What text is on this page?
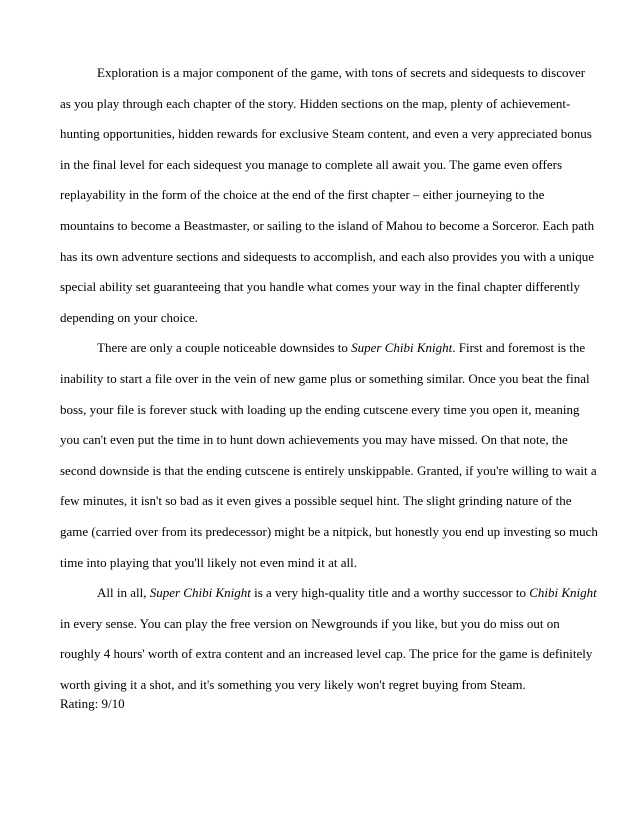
Exploration is a major component of the game, with tons of secrets and sidequests to discover
as you play through each chapter of the story. Hidden sections on the map, plenty of achievement-
hunting opportunities, hidden rewards for exclusive Steam content, and even a very appreciated bonus
in the final level for each sidequest you manage to complete all await you. The game even offers
replayability in the form of the choice at the end of the first chapter – either journeying to the
mountains to become a Beastmaster, or sailing to the island of Mahou to become a Sorceror. Each path
has its own adventure sections and sidequests to accomplish, and each also provides you with a unique
special ability set guaranteeing that you handle what comes your way in the final chapter differently
depending on your choice.

There are only a couple noticeable downsides to Super Chibi Knight. First and foremost is the
inability to start a file over in the vein of new game plus or something similar. Once you beat the final
boss, your file is forever stuck with loading up the ending cutscene every time you open it, meaning
you can't even put the time in to hunt down achievements you may have missed. On that note, the
second downside is that the ending cutscene is entirely unskippable. Granted, if you're willing to wait a
few minutes, it isn't so bad as it even gives a possible sequel hint. The slight grinding nature of the
game (carried over from its predecessor) might be a nitpick, but honestly you end up investing so much
time into playing that you'll likely not even mind it at all.

All in all, Super Chibi Knight is a very high-quality title and a worthy successor to Chibi Knight
in every sense. You can play the free version on Newgrounds if you like, but you do miss out on
roughly 4 hours' worth of extra content and an increased level cap. The price for the game is definitely
worth giving it a shot, and it's something you very likely won't regret buying from Steam.

Rating: 9/10
